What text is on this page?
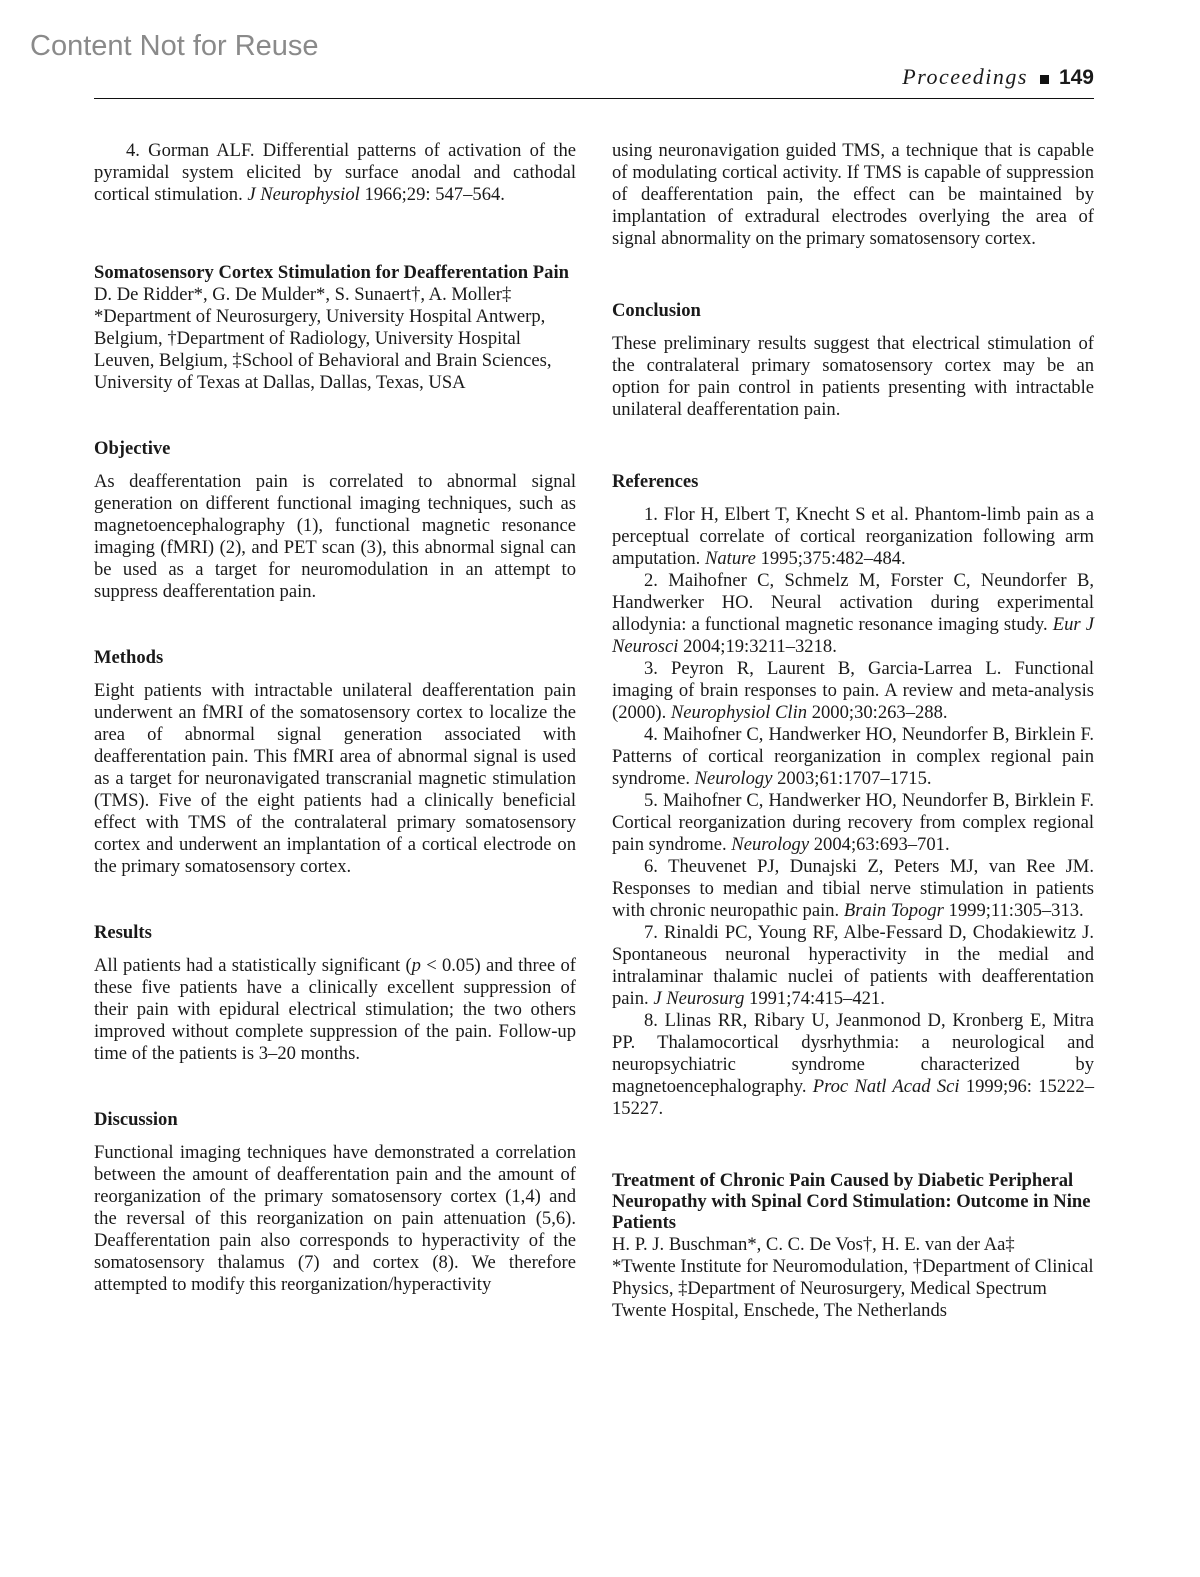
Content Not for Reuse
Proceedings 149

4. Gorman ALF. Differential patterns of activation of the pyramidal system elicited by surface anodal and cathodal cortical stimulation. J Neurophysiol 1966;29: 547–564.

Somatosensory Cortex Stimulation for Deafferentation Pain

D. De Ridder*, G. De Mulder*, S. Sunaert†, A. Moller‡

*Department of Neurosurgery, University Hospital Antwerp, Belgium, †Department of Radiology, University Hospital Leuven, Belgium, ‡School of Behavioral and Brain Sciences, University of Texas at Dallas, Dallas, Texas, USA

Objective

As deafferentation pain is correlated to abnormal signal generation on different functional imaging techniques, such as magnetoencephalography (1), functional magnetic resonance imaging (fMRI) (2), and PET scan (3), this abnormal signal can be used as a target for neuromodulation in an attempt to suppress deafferentation pain.

Methods

Eight patients with intractable unilateral deafferentation pain underwent an fMRI of the somatosensory cortex to localize the area of abnormal signal generation associated with deafferentation pain. This fMRI area of abnormal signal is used as a target for neuronavigated transcranial magnetic stimulation (TMS). Five of the eight patients had a clinically beneficial effect with TMS of the contralateral primary somatosensory cortex and underwent an implantation of a cortical electrode on the primary somatosensory cortex.

Results

All patients had a statistically significant (p < 0.05) and three of these five patients have a clinically excellent suppression of their pain with epidural electrical stimulation; the two others improved without complete suppression of the pain. Follow-up time of the patients is 3–20 months.

Discussion

Functional imaging techniques have demonstrated a correlation between the amount of deafferentation pain and the amount of reorganization of the primary somatosensory cortex (1,4) and the reversal of this reorganization on pain attenuation (5,6). Deafferentation pain also corresponds to hyperactivity of the somatosensory thalamus (7) and cortex (8). We therefore attempted to modify this reorganization/hyperactivity

using neuronavigation guided TMS, a technique that is capable of modulating cortical activity. If TMS is capable of suppression of deafferentation pain, the effect can be maintained by implantation of extradural electrodes overlying the area of signal abnormality on the primary somatosensory cortex.

Conclusion

These preliminary results suggest that electrical stimulation of the contralateral primary somatosensory cortex may be an option for pain control in patients presenting with intractable unilateral deafferentation pain.

References

1. Flor H, Elbert T, Knecht S et al. Phantom-limb pain as a perceptual correlate of cortical reorganization following arm amputation. Nature 1995;375:482–484.

2. Maihofner C, Schmelz M, Forster C, Neundorfer B, Handwerker HO. Neural activation during experimental allodynia: a functional magnetic resonance imaging study. Eur J Neurosci 2004;19:3211–3218.

3. Peyron R, Laurent B, Garcia-Larrea L. Functional imaging of brain responses to pain. A review and meta-analysis (2000). Neurophysiol Clin 2000;30:263–288.

4. Maihofner C, Handwerker HO, Neundorfer B, Birklein F. Patterns of cortical reorganization in complex regional pain syndrome. Neurology 2003;61:1707–1715.

5. Maihofner C, Handwerker HO, Neundorfer B, Birklein F. Cortical reorganization during recovery from complex regional pain syndrome. Neurology 2004;63:693–701.

6. Theuvenet PJ, Dunajski Z, Peters MJ, van Ree JM. Responses to median and tibial nerve stimulation in patients with chronic neuropathic pain. Brain Topogr 1999;11:305–313.

7. Rinaldi PC, Young RF, Albe-Fessard D, Chodakiewitz J. Spontaneous neuronal hyperactivity in the medial and intralaminar thalamic nuclei of patients with deafferentation pain. J Neurosurg 1991;74:415–421.

8. Llinas RR, Ribary U, Jeanmonod D, Kronberg E, Mitra PP. Thalamocortical dysrhythmia: a neurological and neuropsychiatric syndrome characterized by magnetoencephalography. Proc Natl Acad Sci 1999;96: 15222–15227.

Treatment of Chronic Pain Caused by Diabetic Peripheral Neuropathy with Spinal Cord Stimulation: Outcome in Nine Patients

H. P. J. Buschman*, C. C. De Vos†, H. E. van der Aa‡

*Twente Institute for Neuromodulation, †Department of Clinical Physics, ‡Department of Neurosurgery, Medical Spectrum Twente Hospital, Enschede, The Netherlands
